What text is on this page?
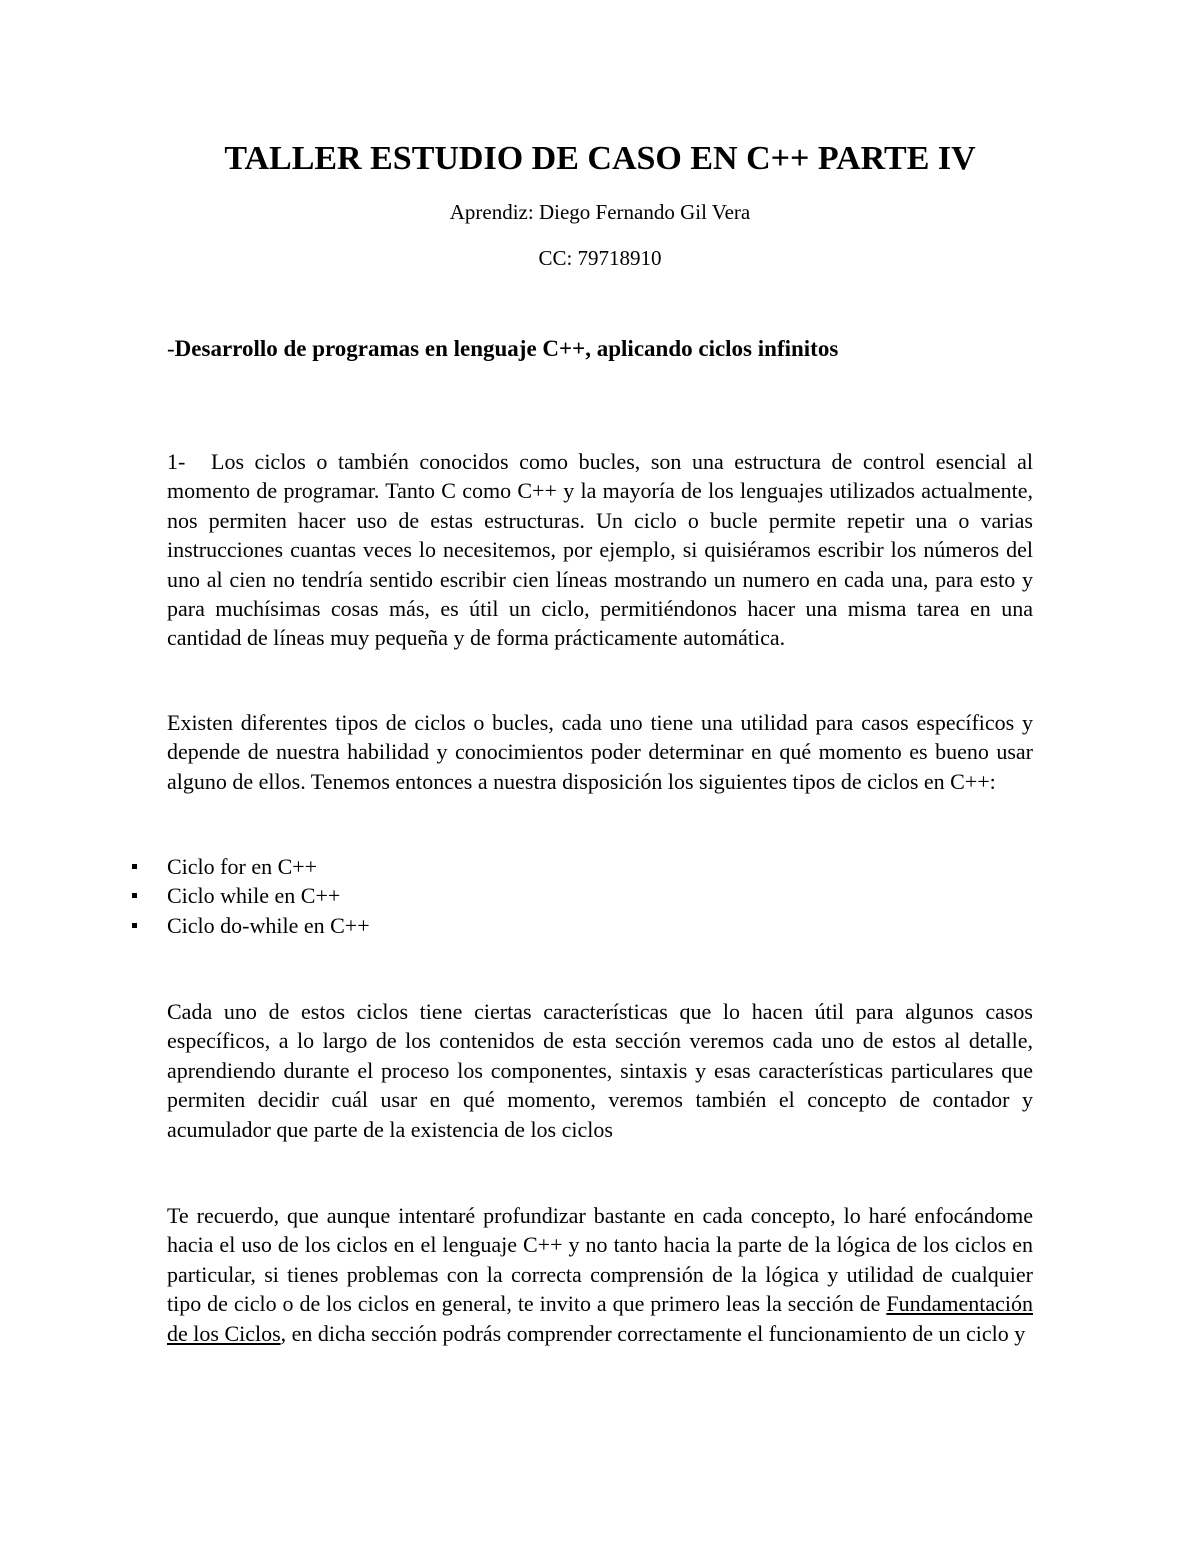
TALLER ESTUDIO DE CASO EN C++ PARTE IV

Aprendiz: Diego Fernando Gil Vera

CC: 79718910

-Desarrollo de programas en lenguaje C++, aplicando ciclos infinitos

1- Los ciclos o también conocidos como bucles, son una estructura de control esencial al momento de programar. Tanto C como C++ y la mayoría de los lenguajes utilizados actualmente, nos permiten hacer uso de estas estructuras. Un ciclo o bucle permite repetir una o varias instrucciones cuantas veces lo necesitemos, por ejemplo, si quisiéramos escribir los números del uno al cien no tendría sentido escribir cien líneas mostrando un numero en cada una, para esto y para muchísimas cosas más, es útil un ciclo, permitiéndonos hacer una misma tarea en una cantidad de líneas muy pequeña y de forma prácticamente automática.

Existen diferentes tipos de ciclos o bucles, cada uno tiene una utilidad para casos específicos y depende de nuestra habilidad y conocimientos poder determinar en qué momento es bueno usar alguno de ellos. Tenemos entonces a nuestra disposición los siguientes tipos de ciclos en C++:

Ciclo for en C++
Ciclo while en C++
Ciclo do-while en C++

Cada uno de estos ciclos tiene ciertas características que lo hacen útil para algunos casos específicos, a lo largo de los contenidos de esta sección veremos cada uno de estos al detalle, aprendiendo durante el proceso los componentes, sintaxis y esas características particulares que permiten decidir cuál usar en qué momento, veremos también el concepto de contador y acumulador que parte de la existencia de los ciclos

Te recuerdo, que aunque intentaré profundizar bastante en cada concepto, lo haré enfocándome hacia el uso de los ciclos en el lenguaje C++ y no tanto hacia la parte de la lógica de los ciclos en particular, si tienes problemas con la correcta comprensión de la lógica y utilidad de cualquier tipo de ciclo o de los ciclos en general, te invito a que primero leas la sección de Fundamentación de los Ciclos, en dicha sección podrás comprender correctamente el funcionamiento de un ciclo y
